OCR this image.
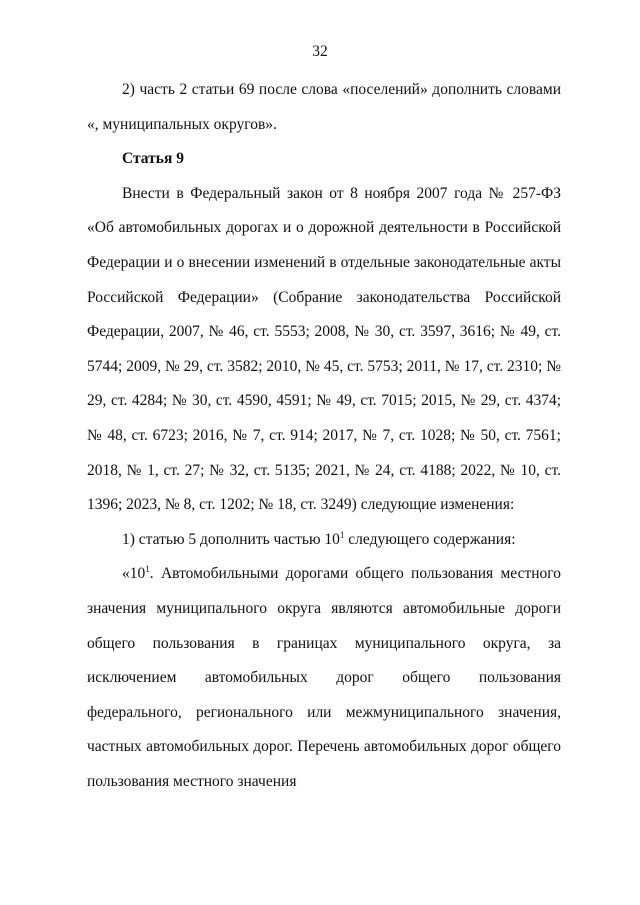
32

2) часть 2 статьи 69 после слова «поселений» дополнить словами «, муниципальных округов».

Статья 9

Внести в Федеральный закон от 8 ноября 2007 года № 257-ФЗ «Об автомобильных дорогах и о дорожной деятельности в Российской Федерации и о внесении изменений в отдельные законодательные акты Российской Федерации» (Собрание законодательства Российской Федерации, 2007, № 46, ст. 5553; 2008, № 30, ст. 3597, 3616; № 49, ст. 5744; 2009, № 29, ст. 3582; 2010, № 45, ст. 5753; 2011, № 17, ст. 2310; № 29, ст. 4284; № 30, ст. 4590, 4591; № 49, ст. 7015; 2015, № 29, ст. 4374; № 48, ст. 6723; 2016, № 7, ст. 914; 2017, № 7, ст. 1028; № 50, ст. 7561; 2018, № 1, ст. 27; № 32, ст. 5135; 2021, № 24, ст. 4188; 2022, № 10, ст. 1396; 2023, № 8, ст. 1202; № 18, ст. 3249) следующие изменения:

1) статью 5 дополнить частью $10^1$ следующего содержания:

«$10^1$. Автомобильными дорогами общего пользования местного значения муниципального округа являются автомобильные дороги общего пользования в границах муниципального округа, за исключением автомобильных дорог общего пользования федерального, регионального или межмуниципального значения, частных автомобильных дорог. Перечень автомобильных дорог общего пользования местного значения
